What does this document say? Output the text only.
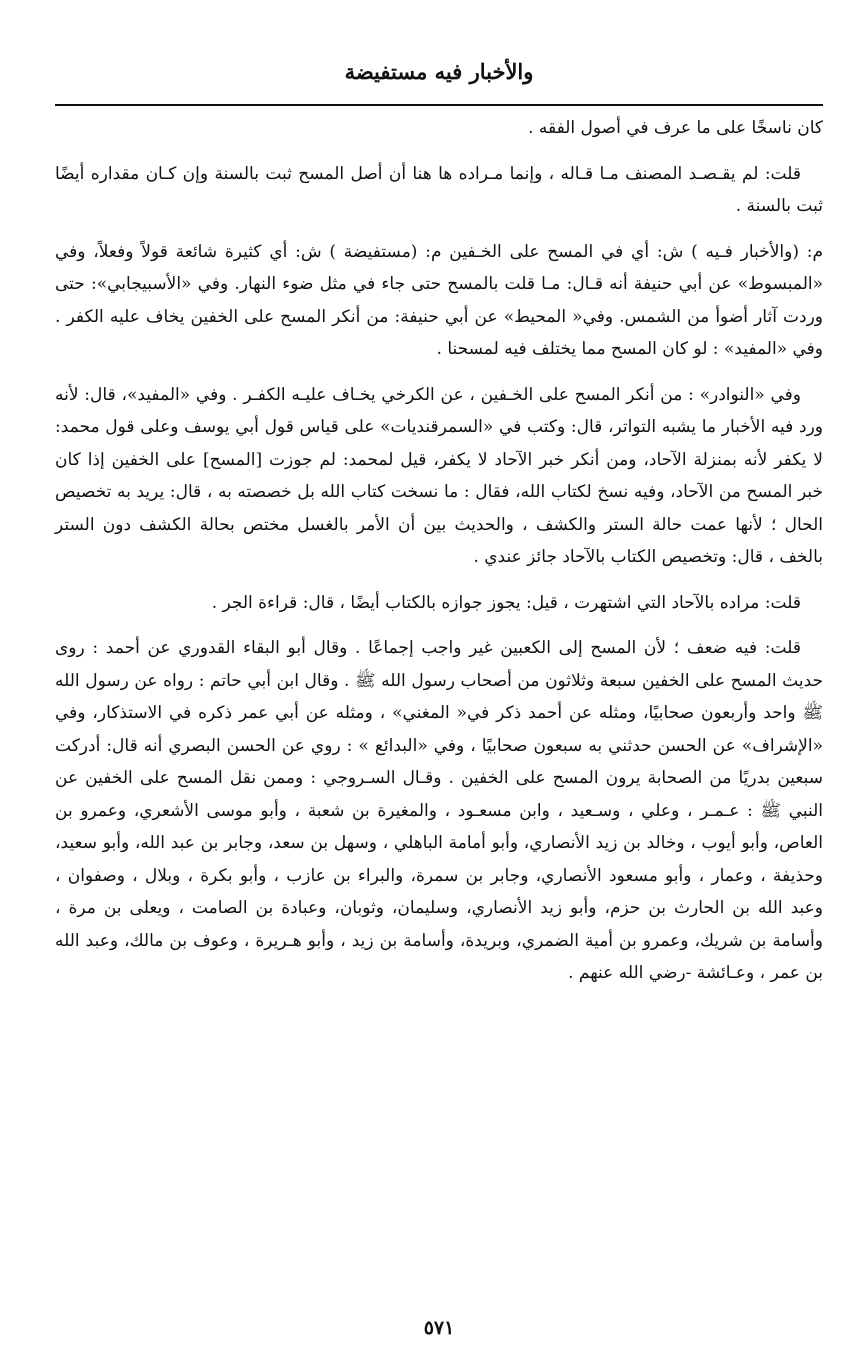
والأخبار فيه مستفيضة

كان ناسخًا على ما عرف في أصول الفقه .

قلت: لم يقـصـد المصنف مـا قـاله ، وإنما مـراده ها هنا أن أصل المسح ثبت بالسنة وإن كـان مقداره أيضًا ثبت بالسنة .

م: (والأخبار فـيه ) ش: أي في المسح على الخـفين م: (مستفيضة ) ش: أي كثيرة شائعة قولاً وفعلاً، وفي «المبسوط» عن أبي حنيفة أنه قـال: مـا قلت بالمسح حتى جاء في مثل ضوء النهار. وفي «الأسبيجابي»: حتى وردت آثار أضوأ من الشمس. وفي« المحيط» عن أبي حنيفة: من أنكر المسح على الخفين يخاف عليه الكفر . وفي «المفيد» : لو كان المسح مما يختلف فيه لمسحنا .

وفي «النوادر» : من أنكر المسح على الخـفين ، عن الكرخي يخـاف عليـه الكفـر . وفي «المفيد»، قال: لأنه ورد فيه الأخبار ما يشبه التواتر، قال: وكتب في «السمرقنديات» على قياس قول أبي يوسف وعلى قول محمد: لا يكفر لأنه بمنزلة الآحاد، ومن أنكر خبر الآحاد لا يكفر، قيل لمحمد: لم جوزت [المسح] على الخفين إذا كان خبر المسح من الآحاد، وفيه نسخ لكتاب الله، فقال : ما نسخت كتاب الله بل خصصته به ، قال: يريد به تخصيص الحال ؛ لأنها عمت حالة الستر والكشف ، والحديث بين أن الأمر بالغسل مختص بحالة الكشف دون الستر بالخف ، قال: وتخصيص الكتاب بالآحاد جائز عندي .

قلت: مراده بالآحاد التي اشتهرت ، قيل: يجوز جوازه بالكتاب أيضًا ، قال: قراءة الجر .

قلت: فيه ضعف ؛ لأن المسح إلى الكعبين غير واجب إجماعًا . وقال أبو البقاء القدوري عن أحمد : روى حديث المسح على الخفين سبعة وثلاثون من أصحاب رسول الله ﷺ . وقال ابن أبي حاتم : رواه عن رسول الله ﷺ واحد وأربعون صحابيًا، ومثله عن أحمد ذكر في« المغني» ، ومثله عن أبي عمر ذكره في الاستذكار، وفي «الإشراف» عن الحسن حدثني به سبعون صحابيًا ، وفي «البدائع » : روي عن الحسن البصري أنه قال: أدركت سبعين بدريًا من الصحابة يرون المسح على الخفين . وقـال السـروجي : وممن نقل المسح على الخفين عن النبي ﷺ : عـمـر ، وعلي ، وسـعيد ، وابن مسعـود ، والمغيرة بن شعبة ، وأبو موسى الأشعري، وعمرو بن العاص، وأبو أيوب ، وخالد بن زيد الأنصاري، وأبو أمامة الباهلي ، وسهل بن سعد، وجابر بن عبد الله، وأبو سعيد، وحذيفة ، وعمار ، وأبو مسعود الأنصاري، وجابر بن سمرة، والبراء بن عازب ، وأبو بكرة ، وبلال ، وصفوان ، وعبد الله بن الحارث بن حزم، وأبو زيد الأنصاري، وسليمان، وثوبان، وعبادة بن الصامت ، ويعلى بن مرة ، وأسامة بن شريك، وعمرو بن أمية الضمري، وبريدة، وأسامة بن زيد ، وأبو هـريرة ، وعوف بن مالك، وعبد الله بن عمر ، وعـائشة -رضي الله عنهم .

٥٧١
